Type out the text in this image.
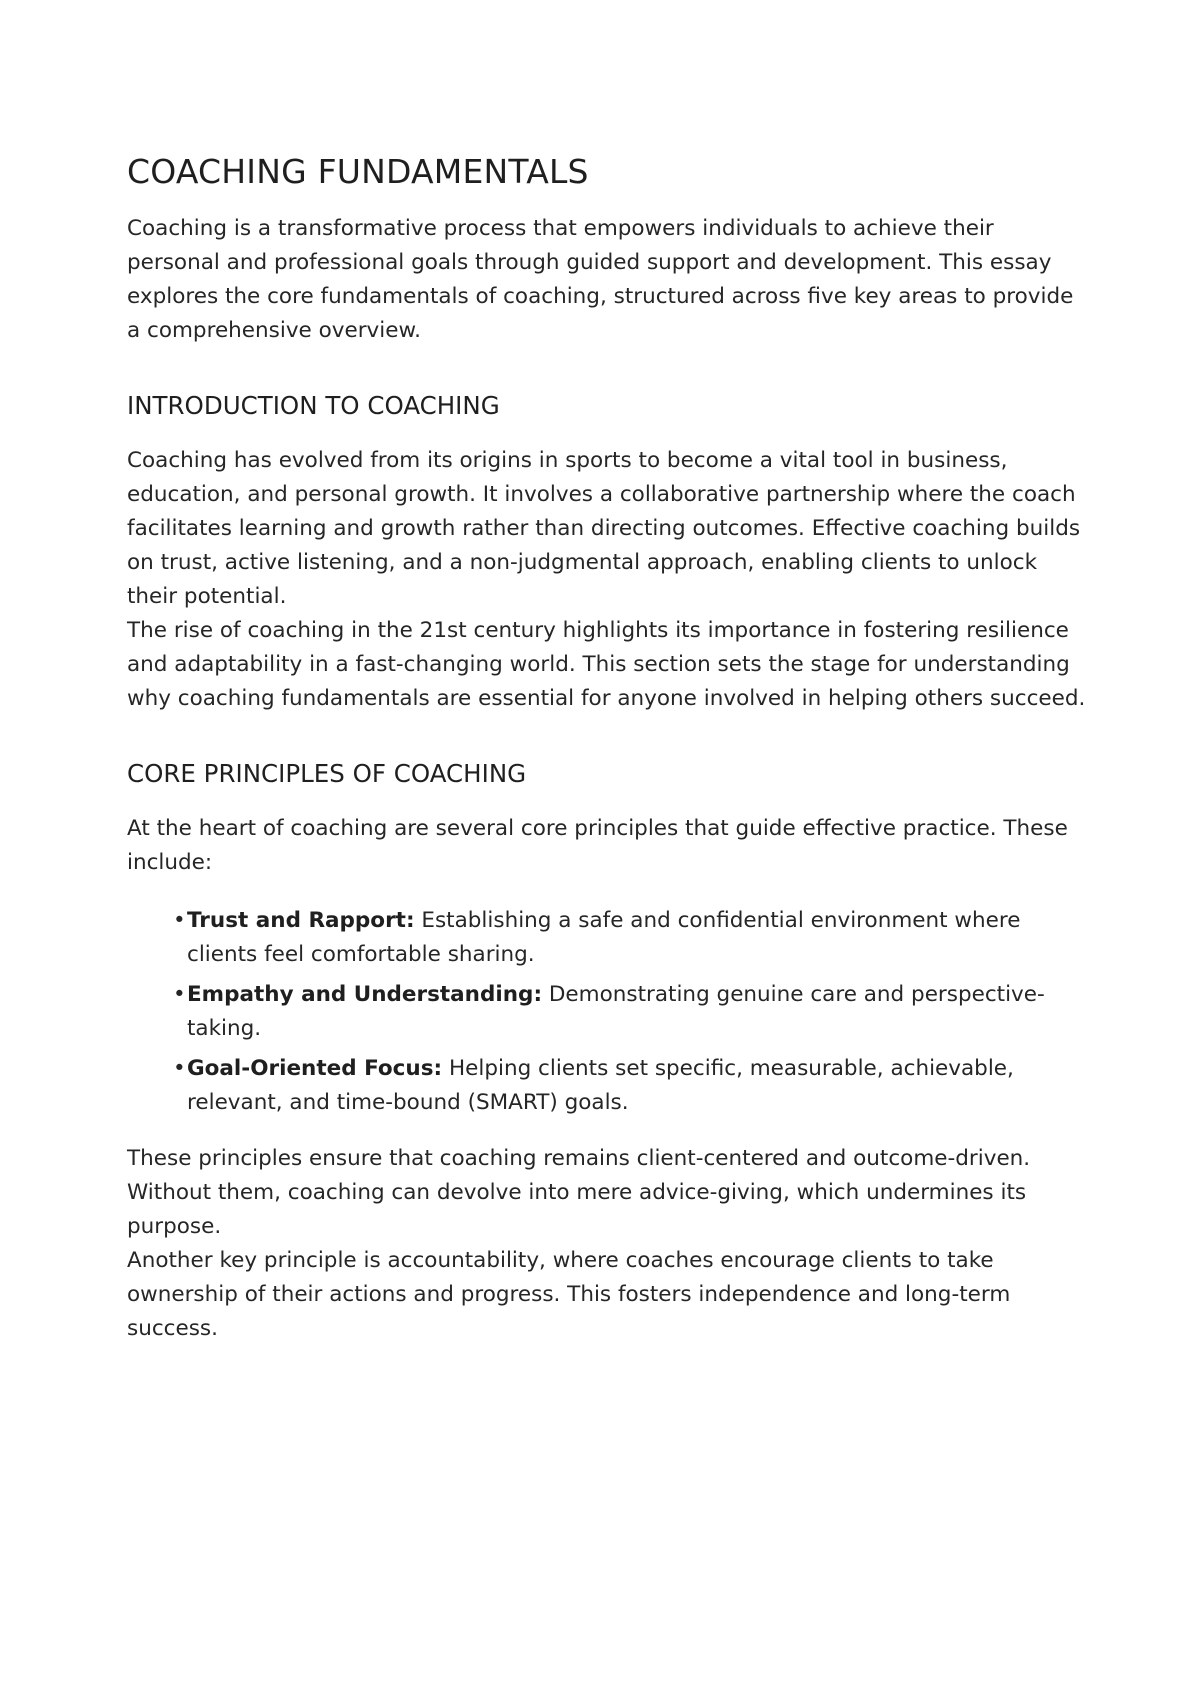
COACHING FUNDAMENTALS

Coaching is a transformative process that empowers individuals to achieve their personal and professional goals through guided support and development. This essay explores the core fundamentals of coaching, structured across five key areas to provide a comprehensive overview.

INTRODUCTION TO COACHING

Coaching has evolved from its origins in sports to become a vital tool in business, education, and personal growth. It involves a collaborative partnership where the coach facilitates learning and growth rather than directing outcomes. Effective coaching builds on trust, active listening, and a non-judgmental approach, enabling clients to unlock their potential.

The rise of coaching in the 21st century highlights its importance in fostering resilience and adaptability in a fast-changing world. This section sets the stage for understanding why coaching fundamentals are essential for anyone involved in helping others succeed.

CORE PRINCIPLES OF COACHING

At the heart of coaching are several core principles that guide effective practice. These include:

• Trust and Rapport: Establishing a safe and confidential environment where clients feel comfortable sharing.
• Empathy and Understanding: Demonstrating genuine care and perspective-taking.
• Goal-Oriented Focus: Helping clients set specific, measurable, achievable, relevant, and time-bound (SMART) goals.

These principles ensure that coaching remains client-centered and outcome-driven. Without them, coaching can devolve into mere advice-giving, which undermines its purpose.

Another key principle is accountability, where coaches encourage clients to take ownership of their actions and progress. This fosters independence and long-term success.
